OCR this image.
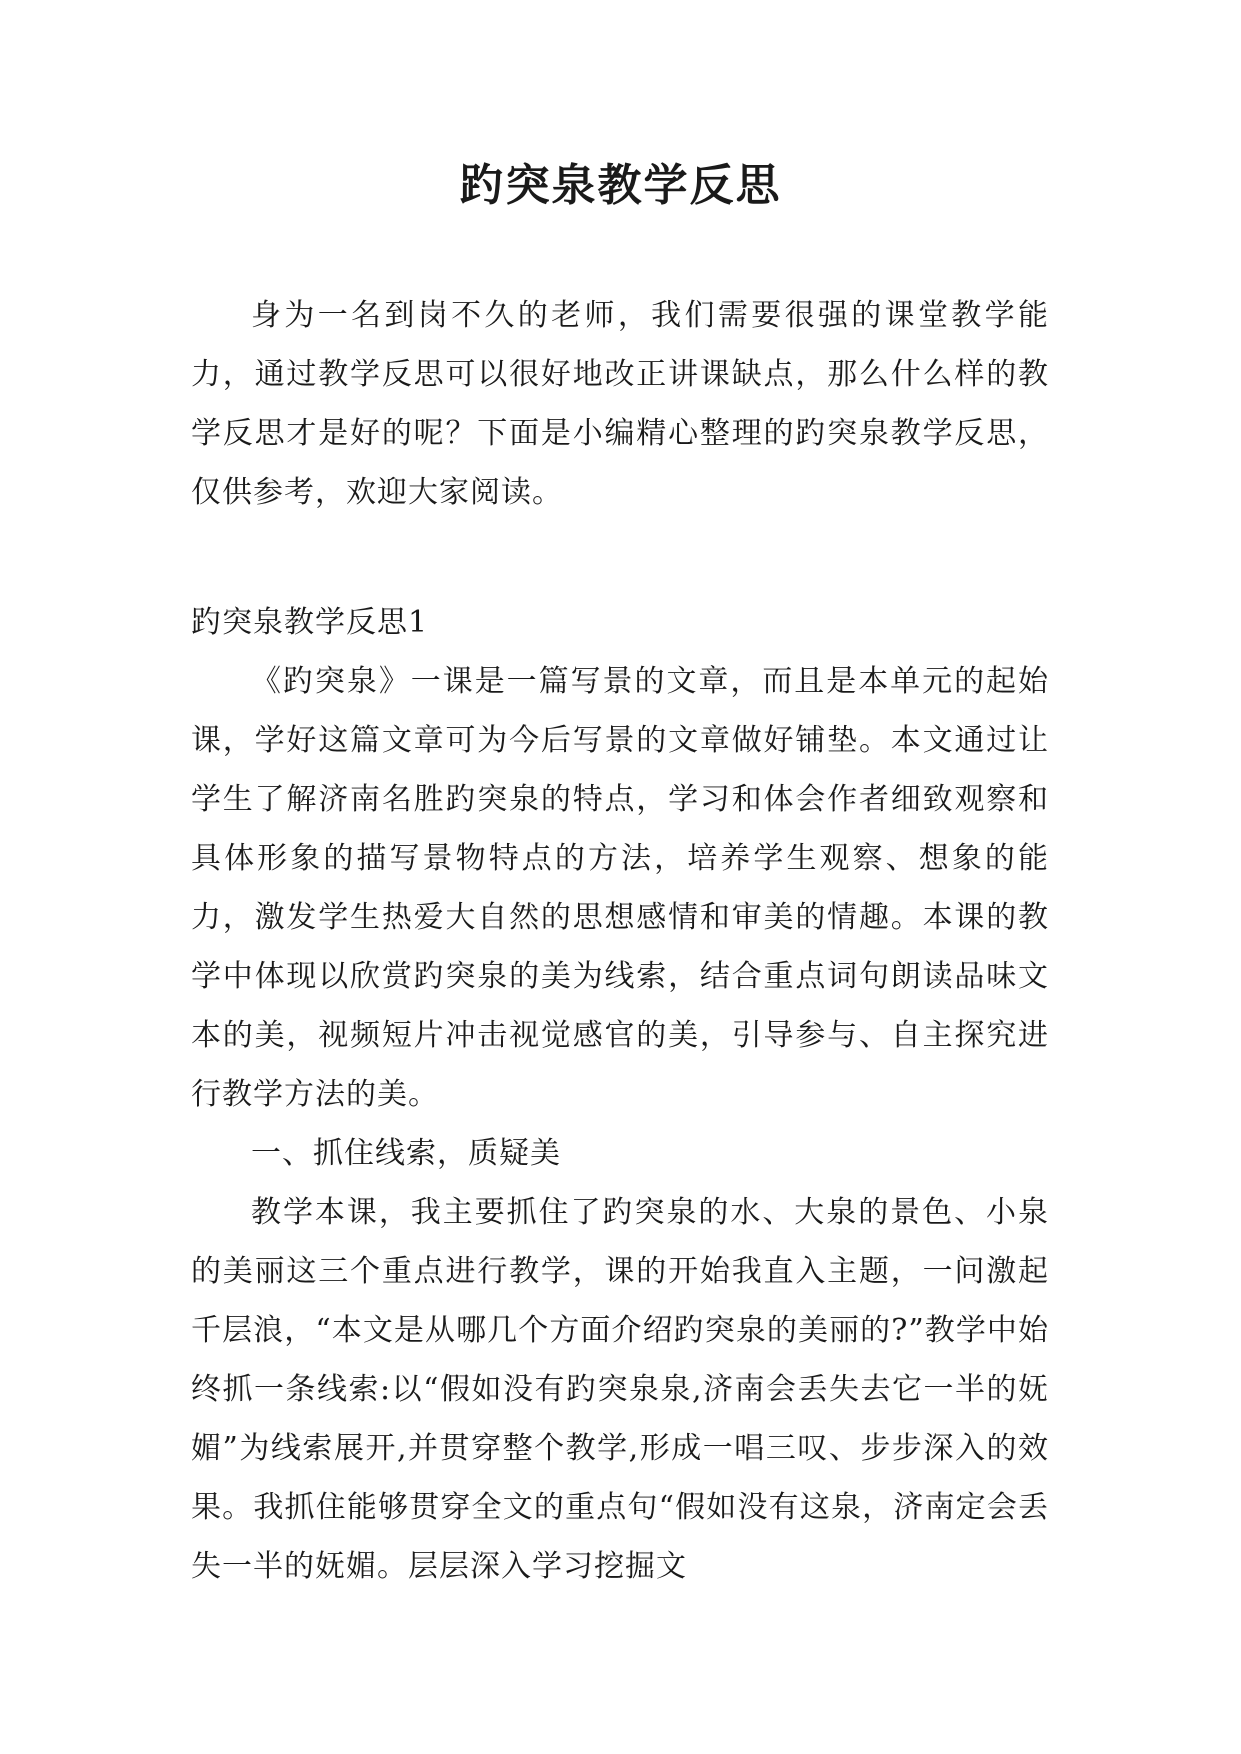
趵突泉教学反思

身为一名到岗不久的老师，我们需要很强的课堂教学能力，通过教学反思可以很好地改正讲课缺点，那么什么样的教学反思才是好的呢？下面是小编精心整理的趵突泉教学反思，仅供参考，欢迎大家阅读。

趵突泉教学反思1

《趵突泉》一课是一篇写景的文章，而且是本单元的起始课，学好这篇文章可为今后写景的文章做好铺垫。本文通过让学生了解济南名胜趵突泉的特点，学习和体会作者细致观察和具体形象的描写景物特点的方法，培养学生观察、想象的能力，激发学生热爱大自然的思想感情和审美的情趣。本课的教学中体现以欣赏趵突泉的美为线索，结合重点词句朗读品味文本的美，视频短片冲击视觉感官的美，引导参与、自主探究进行教学方法的美。

一、抓住线索，质疑美

教学本课，我主要抓住了趵突泉的水、大泉的景色、小泉的美丽这三个重点进行教学，课的开始我直入主题，一问激起千层浪，“本文是从哪几个方面介绍趵突泉的美丽的?”教学中始终抓一条线索:以“假如没有趵突泉泉,济南会丢失去它一半的妩媚”为线索展开,并贯穿整个教学,形成一唱三叹、步步深入的效果。我抓住能够贯穿全文的重点句“假如没有这泉，济南定会丢失一半的妩媚。层层深入学习挖掘文
